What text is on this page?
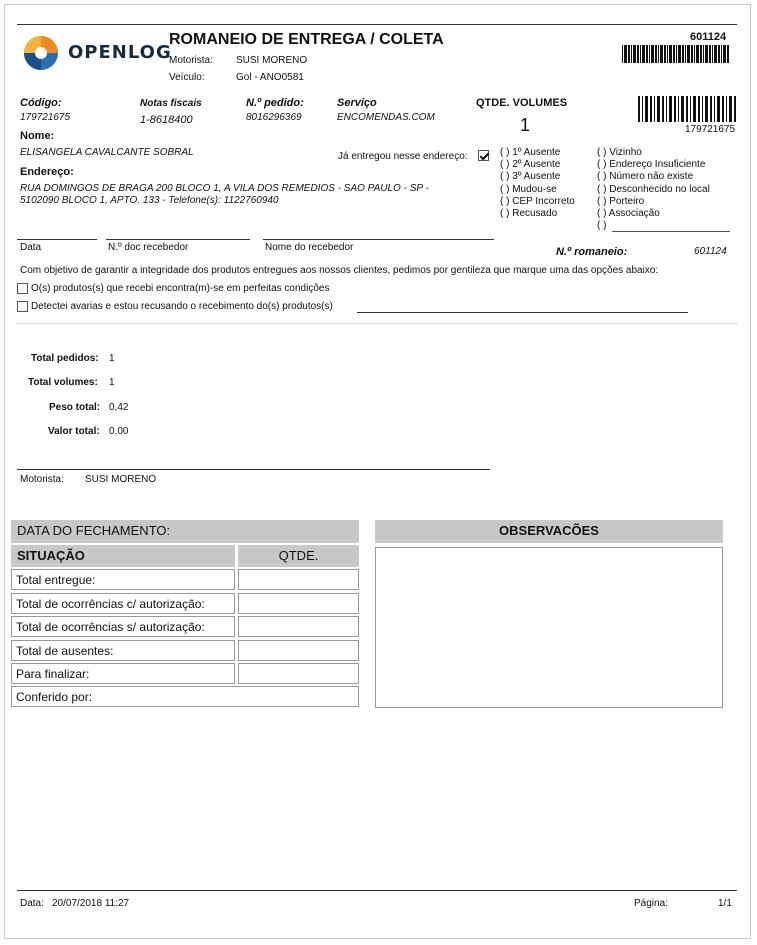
OPENLOG
ROMANEIO DE ENTREGA / COLETA
Motorista: SUSI MORENO
Veículo:	Gol - ANO0581
601124
Código:
179721675
Notas fiscais
1-8618400
N.º pedido:
8016296369
Serviço
ENCOMENDAS.COM
QTDE. VOLUMES
1	179721675
Nome:
ELISANGELA CAVALCANTE SOBRAL	Já entregou nesse endereço:
Endereço:
RUA DOMINGOS DE BRAGA 200 BLOCO 1, A VILA DOS REMEDIOS - SAO PAULO - SP -
5102090 BLOCO 1, APTO. 133 - Telefone(s): 1122760940
( ) 1º Ausente
( ) 2º Ausente
( ) 3º Ausente
( ) Mudou-se
( ) CEP Incorreto
( ) Recusado
( ) Vizinho
( ) Endereço Insuficiente
( ) Número não existe
( ) Desconhecido no local
( ) Porteiro
( ) Associação
( )
Data	N.º doc recebedor	Nome do recebedor	N.º romaneio:	601124
Com objetivo de garantir a integridade dos produtos entregues aos nossos clientes, pedimos por gentileza que marque uma das opções abaixo:
O(s) produtos(s) que recebi encontra(m)-se em perfeitas condições
Detectei avarias e estou recusando o recebimento do(s) produtos(s)
Total pedidos: 1
Total volumes: 1
Peso total: 0,42
Valor total: 0,00
Motorista: SUSI MORENO
DATA DO FECHAMENTO:
SITUAÇÃO	QTDE.
Total entregue:
Total de ocorrências c/ autorização:
Total de ocorrências s/ autorização:
Total de ausentes:
Para finalizar:
Conferido por:
OBSERVACÕES
Data: 20/07/2018 11:27	Página:	1/1
